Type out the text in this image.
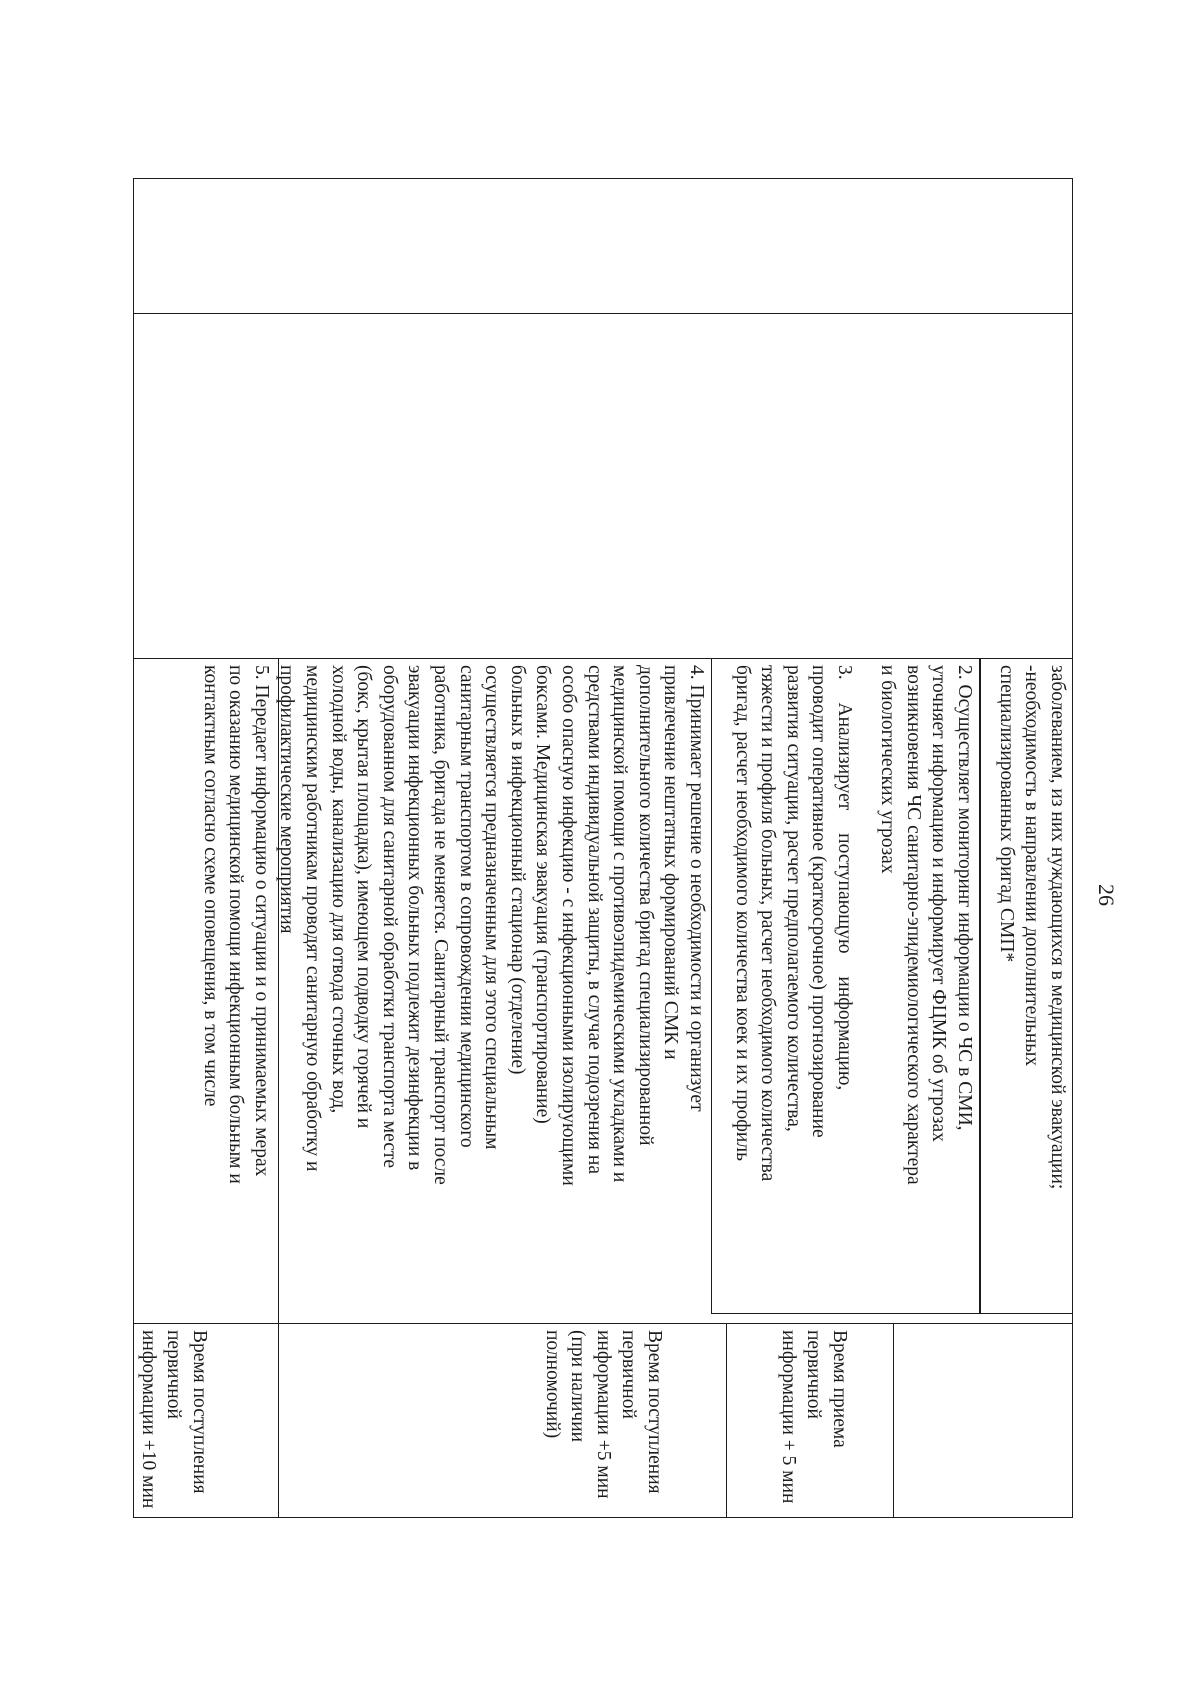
26
заболеванием, из них нуждающихся в медицинской эвакуации;
-необходимость в направлении дополнительных
специализированных бригад СМП*
2. Осуществляет мониторинг информации о ЧС в СМИ,
уточняет информацию и информирует ФЦМК об угрозах
возникновения ЧС санитарно-эпидемиологического характера
и биологических угрозах
3. Анализирует поступающую информацию,
проводит оперативное (краткосрочное) прогнозирование
развития ситуации, расчет предполагаемого количества,
тяжести и профиля больных, расчет необходимого количества
бригад, расчет необходимого количества коек и их профиль
4. Принимает решение о необходимости и организует
привлечение нештатных формирований СМК и
дополнительного количества бригад специализированной
медицинской помощи с противоэпидемическими укладками и
средствами индивидуальной защиты, в случае подозрения на
особо опасную инфекцию - с инфекционными изолирующими
боксами. Медицинская эвакуация (транспортирование)
больных в инфекционный стационар (отделение)
осуществляется предназначенным для этого специальным
санитарным транспортом в сопровождении медицинского
работника, бригада не меняется. Санитарный транспорт после
эвакуации инфекционных больных подлежит дезинфекции в
оборудованном для санитарной обработки транспорта месте
(бокс, крытая площадка), имеющем подводку горячей и
холодной воды, канализацию для отвода сточных вод,
медицинским работникам проводят санитарную обработку и
профилактические мероприятия
5. Передает информацию о ситуации и о принимаемых мерах
по оказанию медицинской помощи инфекционным больным и
контактным согласно схеме оповещения, в том числе
Время приема
первичной
информации + 5 мин
Время поступления
первичной
информации +5 мин
(при наличии
полномочий)
Время поступления
первичной
информации +10 мин
